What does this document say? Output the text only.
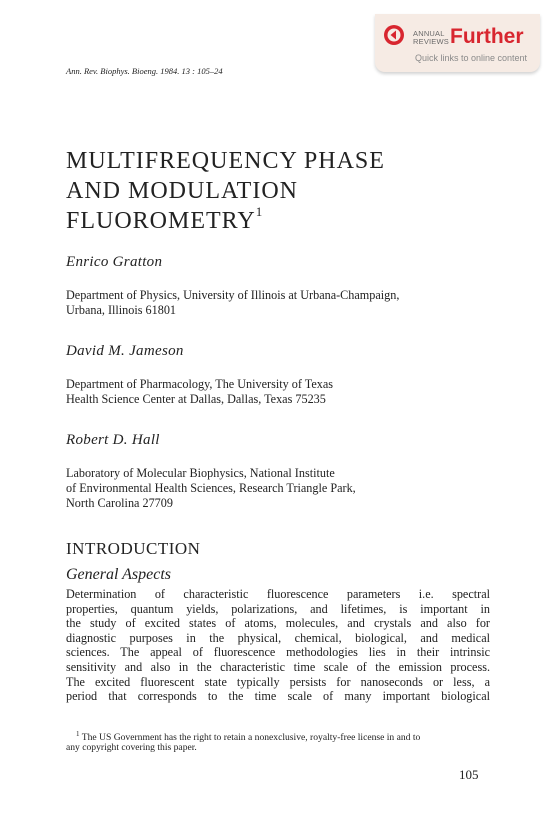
ANNUAL REVIEWS Further
Quick links to online content
Ann. Rev. Biophys. Bioeng. 1984. 13 : 105–24
MULTIFREQUENCY PHASE
AND MODULATION
FLUOROMETRY$^1$
Enrico Gratton
Department of Physics, University of Illinois at Urbana-Champaign,
Urbana, Illinois 61801
David M. Jameson
Department of Pharmacology, The University of Texas
Health Science Center at Dallas, Dallas, Texas 75235
Robert D. Hall
Laboratory of Molecular Biophysics, National Institute
of Environmental Health Sciences, Research Triangle Park,
North Carolina 27709
INTRODUCTION
General Aspects
Determination of characteristic fluorescence parameters i.e. spectral
properties, quantum yields, polarizations, and lifetimes, is important in
the study of excited states of atoms, molecules, and crystals and also for
diagnostic purposes in the physical, chemical, biological, and medical
sciences. The appeal of fluorescence methodologies lies in their intrinsic
sensitivity and also in the characteristic time scale of the emission process.
The excited fluorescent state typically persists for nanoseconds or less, a
period that corresponds to the time scale of many important biological
$^1$ The US Government has the right to retain a nonexclusive, royalty-free license in and to
any copyright covering this paper.
105
